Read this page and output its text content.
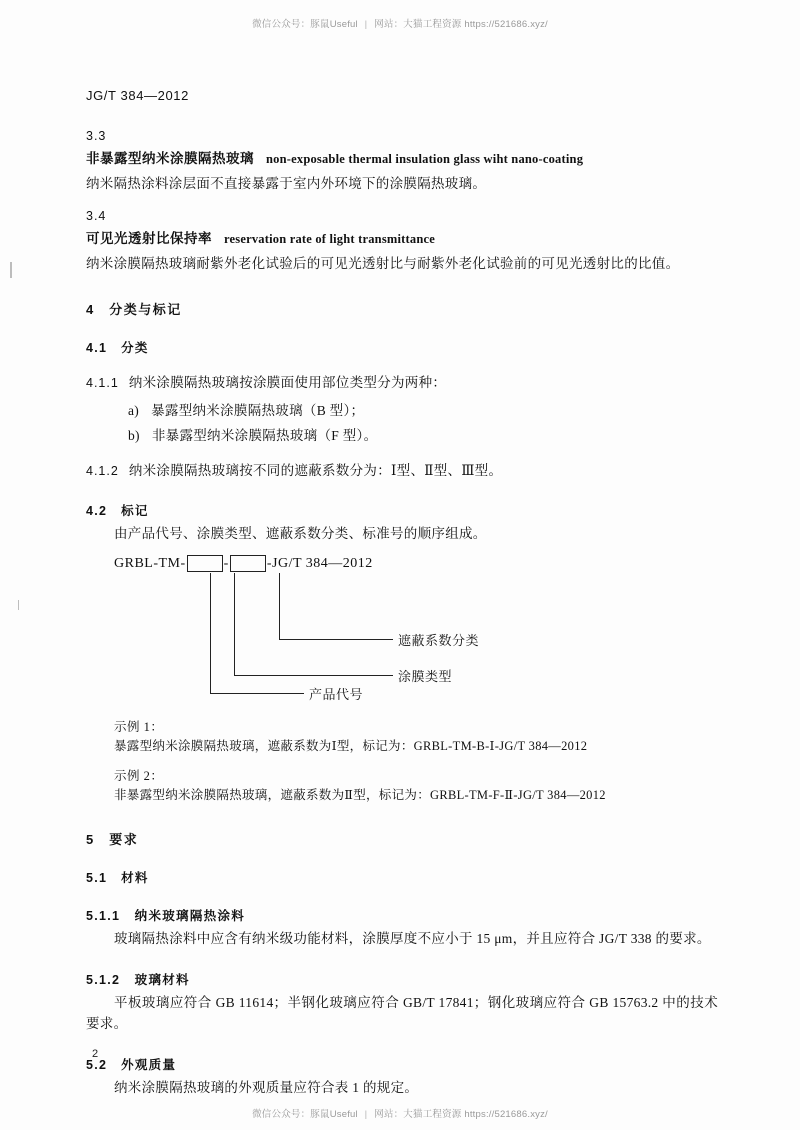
微信公众号：豚鼠Useful | 网站：大猫工程资源 https://521686.xyz/
JG/T 384—2012
3.3
非暴露型纳米涂膜隔热玻璃 non-exposable thermal insulation glass wiht nano-coating
纳米隔热涂料涂层面不直接暴露于室内外环境下的涂膜隔热玻璃。
3.4
可见光透射比保持率 reservation rate of light transmittance
纳米涂膜隔热玻璃耐紫外老化试验后的可见光透射比与耐紫外老化试验前的可见光透射比的比值。
4　分类与标记
4.1　分类
4.1.1 纳米涂膜隔热玻璃按涂膜面使用部位类型分为两种：
a) 暴露型纳米涂膜隔热玻璃（B 型）；
b) 非暴露型纳米涂膜隔热玻璃（F 型）。
4.1.2 纳米涂膜隔热玻璃按不同的遮蔽系数分为：Ⅰ型、Ⅱ型、Ⅲ型。
4.2　标记
由产品代号、涂膜类型、遮蔽系数分类、标准号的顺序组成。
GRBL-TM-	-	-JG/T 384—2012
遮蔽系数分类
涂膜类型
产品代号
示例 1：
暴露型纳米涂膜隔热玻璃，遮蔽系数为Ⅰ型，标记为：GRBL-TM-B-Ⅰ-JG/T 384—2012
示例 2：
非暴露型纳米涂膜隔热玻璃，遮蔽系数为Ⅱ型，标记为：GRBL-TM-F-Ⅱ-JG/T 384—2012
5　要求
5.1　材料
5.1.1 纳米玻璃隔热涂料
玻璃隔热涂料中应含有纳米级功能材料，涂膜厚度不应小于 15 μm，并且应符合 JG/T 338 的要求。
5.1.2 玻璃材料
平板玻璃应符合 GB 11614；半钢化玻璃应符合 GB/T 17841；钢化玻璃应符合 GB 15763.2 中的技术要求。
5.2　外观质量
纳米涂膜隔热玻璃的外观质量应符合表 1 的规定。
2
微信公众号：豚鼠Useful | 网站：大猫工程资源 https://521686.xyz/
